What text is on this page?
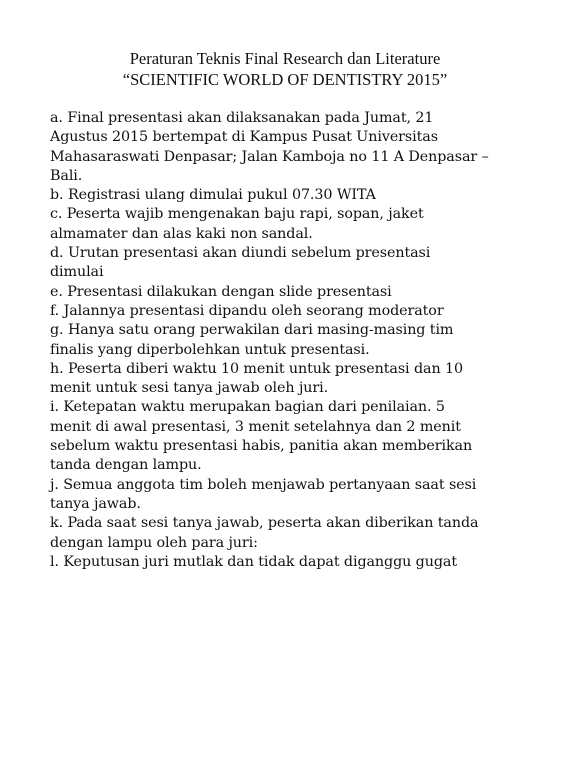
Peraturan Teknis Final Research dan Literature
“SCIENTIFIC WORLD OF DENTISTRY 2015”
a. Final presentasi akan dilaksanakan pada Jumat, 21
Agustus 2015 bertempat di Kampus Pusat Universitas
Mahasaraswati Denpasar; Jalan Kamboja no 11 A Denpasar –
Bali.
b. Registrasi ulang dimulai pukul 07.30 WITA
c. Peserta wajib mengenakan baju rapi, sopan, jaket
almamater dan alas kaki non sandal.
d. Urutan presentasi akan diundi sebelum presentasi
dimulai
e. Presentasi dilakukan dengan slide presentasi
f. Jalannya presentasi dipandu oleh seorang moderator
g. Hanya satu orang perwakilan dari masing-masing tim
finalis yang diperbolehkan untuk presentasi.
h. Peserta diberi waktu 10 menit untuk presentasi dan 10
menit untuk sesi tanya jawab oleh juri.
i. Ketepatan waktu merupakan bagian dari penilaian. 5
menit di awal presentasi, 3 menit setelahnya dan 2 menit
sebelum waktu presentasi habis, panitia akan memberikan
tanda dengan lampu.
j. Semua anggota tim boleh menjawab pertanyaan saat sesi
tanya jawab.
k. Pada saat sesi tanya jawab, peserta akan diberikan tanda
dengan lampu oleh para juri:
l. Keputusan juri mutlak dan tidak dapat diganggu gugat
